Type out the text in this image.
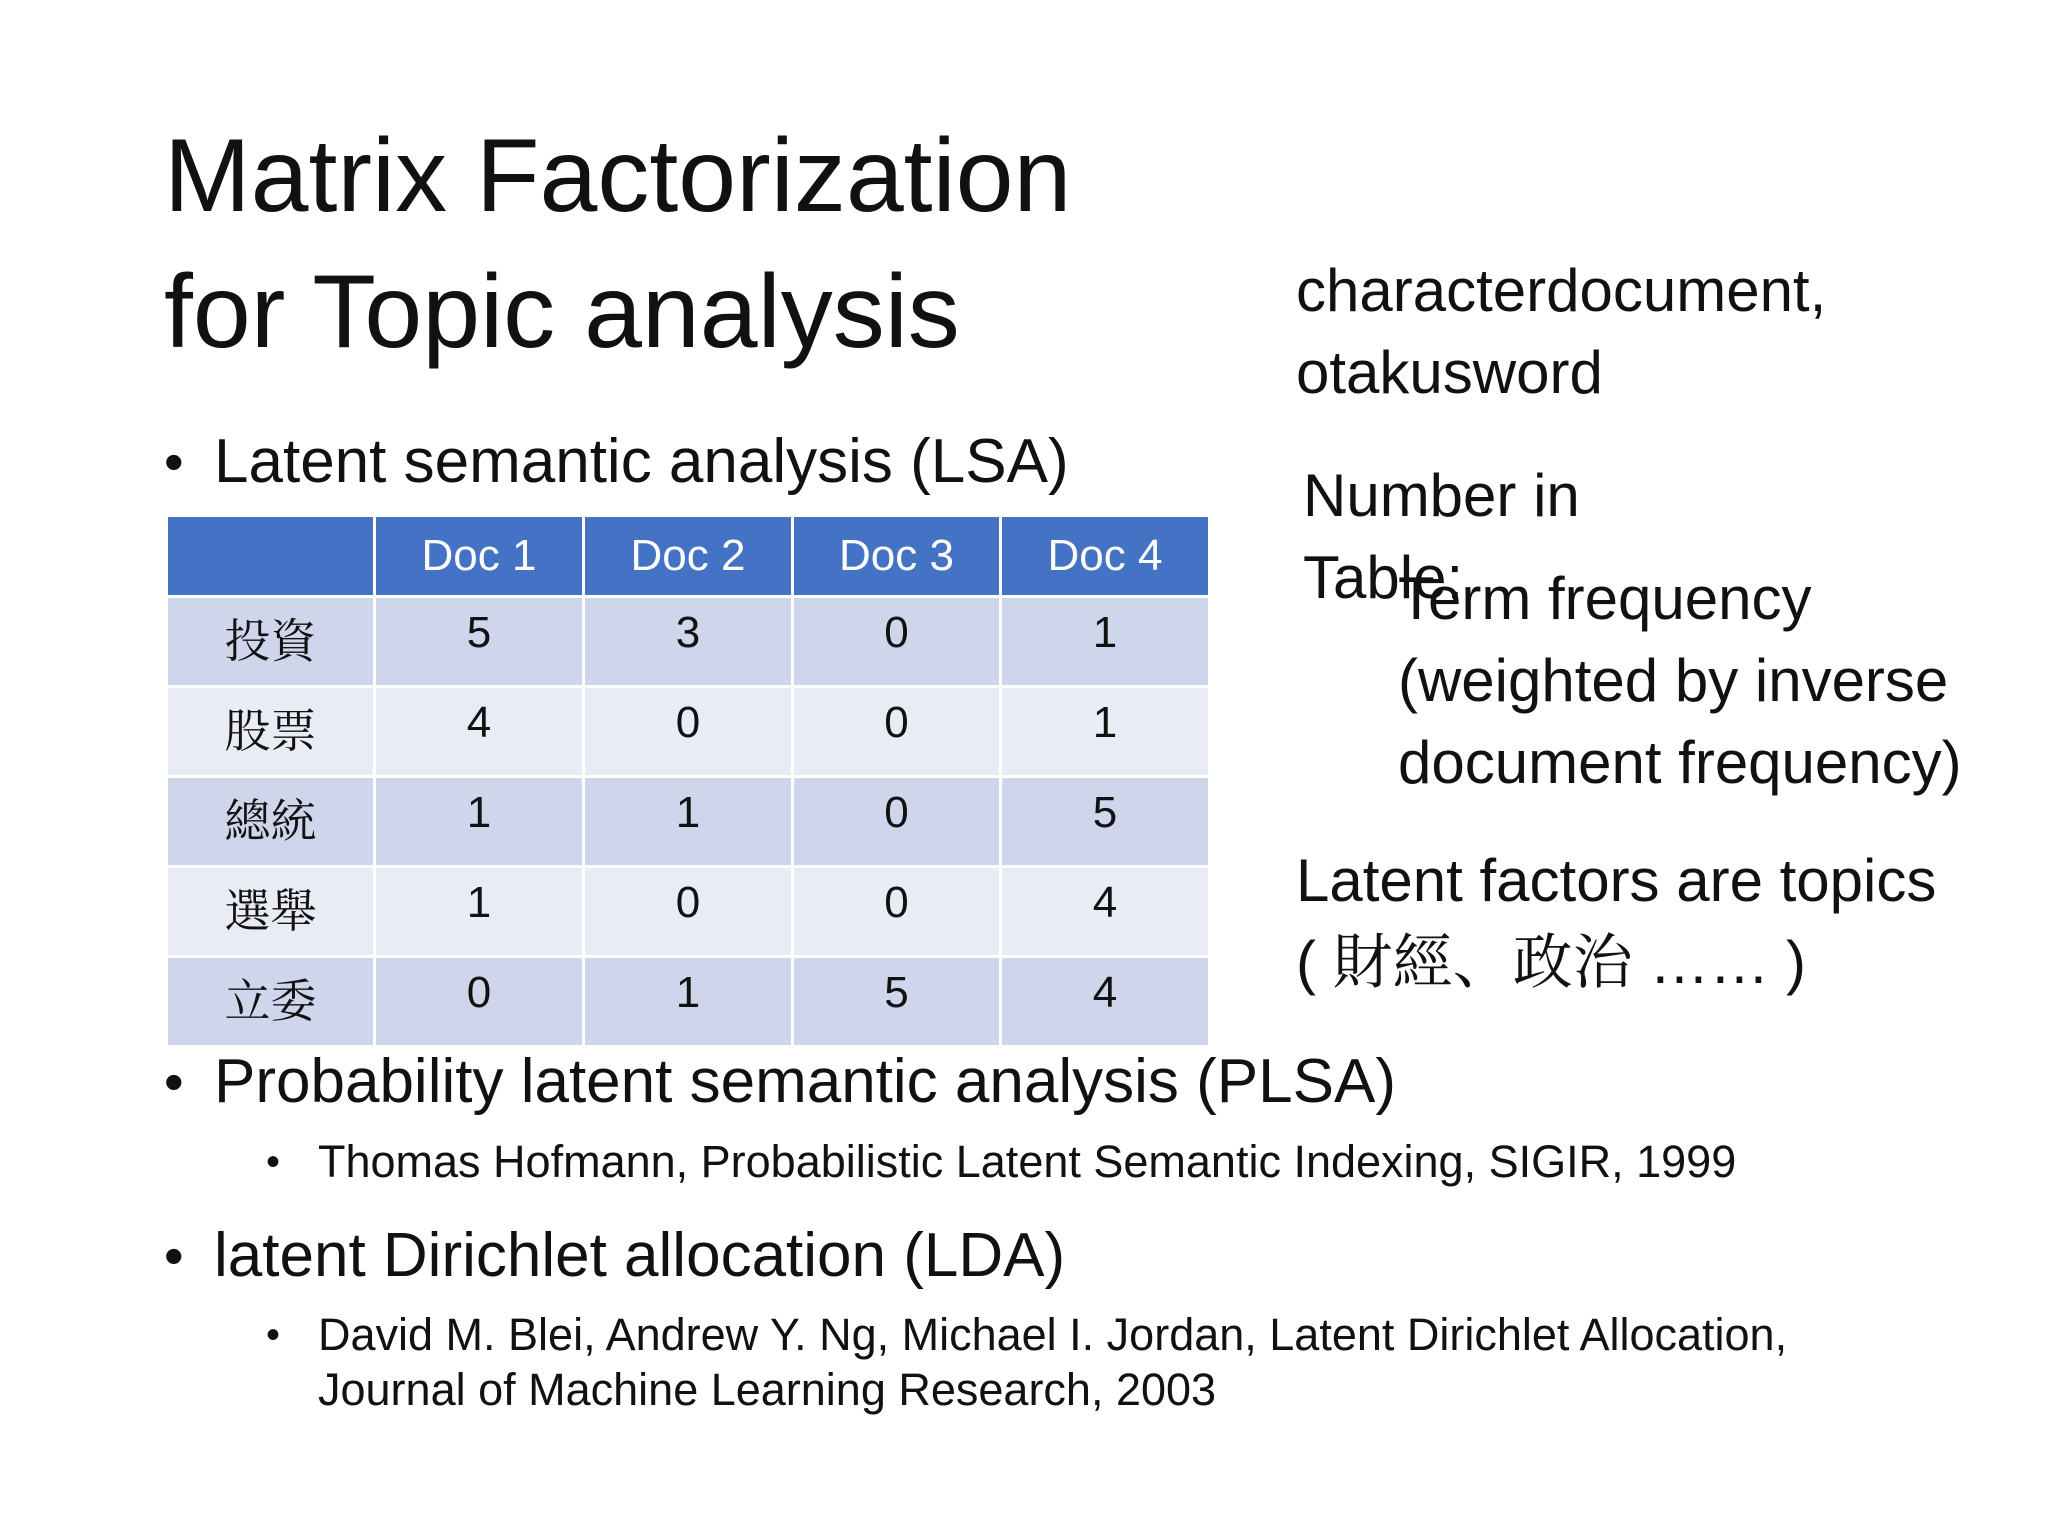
Matrix Factorization
for Topic analysis
• Latent semantic analysis (LSA)
	Doc 1	Doc 2	Doc 3	Doc 4
投資	5	3	0	1
股票	4	0	0	1
總統	1	1	0	5
選舉	1	0	0	4
立委	0	1	5	4
• Probability latent semantic analysis (PLSA)
• Thomas Hofmann, Probabilistic Latent Semantic Indexing, SIGIR, 1999
• latent Dirichlet allocation (LDA)
• David M. Blei, Andrew Y. Ng, Michael I. Jordan, Latent Dirichlet Allocation,
Journal of Machine Learning Research, 2003
characterdocument,
otakusword
Number in
Table:
Term frequency
(weighted by inverse
document frequency)
Latent factors are topics
( 財經、政治 …… )
